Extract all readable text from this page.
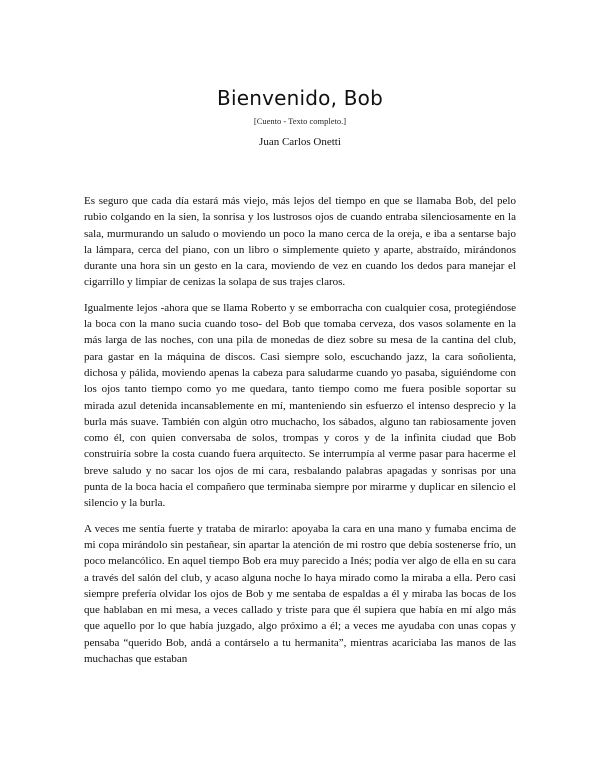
Bienvenido, Bob
[Cuento - Texto completo.]
Juan Carlos Onetti

Es seguro que cada día estará más viejo, más lejos del tiempo en que se llamaba Bob, del pelo rubio colgando en la sien, la sonrisa y los lustrosos ojos de cuando entraba silenciosamente en la sala, murmurando un saludo o moviendo un poco la mano cerca de la oreja, e iba a sentarse bajo la lámpara, cerca del piano, con un libro o simplemente quieto y aparte, abstraído, mirándonos durante una hora sin un gesto en la cara, moviendo de vez en cuando los dedos para manejar el cigarrillo y limpiar de cenizas la solapa de sus trajes claros.

Igualmente lejos -ahora que se llama Roberto y se emborracha con cualquier cosa, protegiéndose la boca con la mano sucia cuando toso- del Bob que tomaba cerveza, dos vasos solamente en la más larga de las noches, con una pila de monedas de diez sobre su mesa de la cantina del club, para gastar en la máquina de discos. Casi siempre solo, escuchando jazz, la cara soñolienta, dichosa y pálida, moviendo apenas la cabeza para saludarme cuando yo pasaba, siguiéndome con los ojos tanto tiempo como yo me quedara, tanto tiempo como me fuera posible soportar su mirada azul detenida incansablemente en mí, manteniendo sin esfuerzo el intenso desprecio y la burla más suave. También con algún otro muchacho, los sábados, alguno tan rabiosamente joven como él, con quien conversaba de solos, trompas y coros y de la infinita ciudad que Bob construiría sobre la costa cuando fuera arquitecto. Se interrumpía al verme pasar para hacerme el breve saludo y no sacar los ojos de mi cara, resbalando palabras apagadas y sonrisas por una punta de la boca hacia el compañero que terminaba siempre por mirarme y duplicar en silencio el silencio y la burla.

A veces me sentía fuerte y trataba de mirarlo: apoyaba la cara en una mano y fumaba encima de mi copa mirándolo sin pestañear, sin apartar la atención de mi rostro que debía sostenerse frío, un poco melancólico. En aquel tiempo Bob era muy parecido a Inés; podía ver algo de ella en su cara a través del salón del club, y acaso alguna noche lo haya mirado como la miraba a ella. Pero casi siempre prefería olvidar los ojos de Bob y me sentaba de espaldas a él y miraba las bocas de los que hablaban en mi mesa, a veces callado y triste para que él supiera que había en mí algo más que aquello por lo que había juzgado, algo próximo a él; a veces me ayudaba con unas copas y pensaba “querido Bob, andá a contárselo a tu hermanita”, mientras acariciaba las manos de las muchachas que estaban
